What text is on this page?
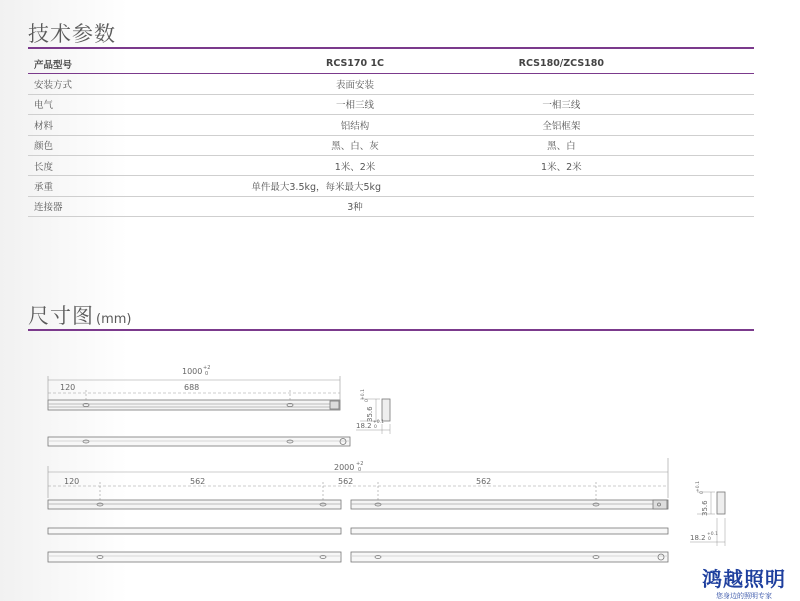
技术参数
产品型号	RCS170 1C	RCS180/ZCS180
安装方式	表面安装	
电气	一相三线	一相三线
材料	铝结构	全铝框架
颜色	黑、白、灰	黑、白
长度	1米、2米	1米、2米
承重	单件最大3.5kg，每米最大5kg	
连接器	3种	
尺寸图 (mm)
1000 +2
0
120	688
35.6
+0.1
0
18.2 +0.1
0
2000 +2
0
120	562	562	562
35.6
+0.1
0
18.2 +0.1
0
鸿越照明
您身边的照明专家
